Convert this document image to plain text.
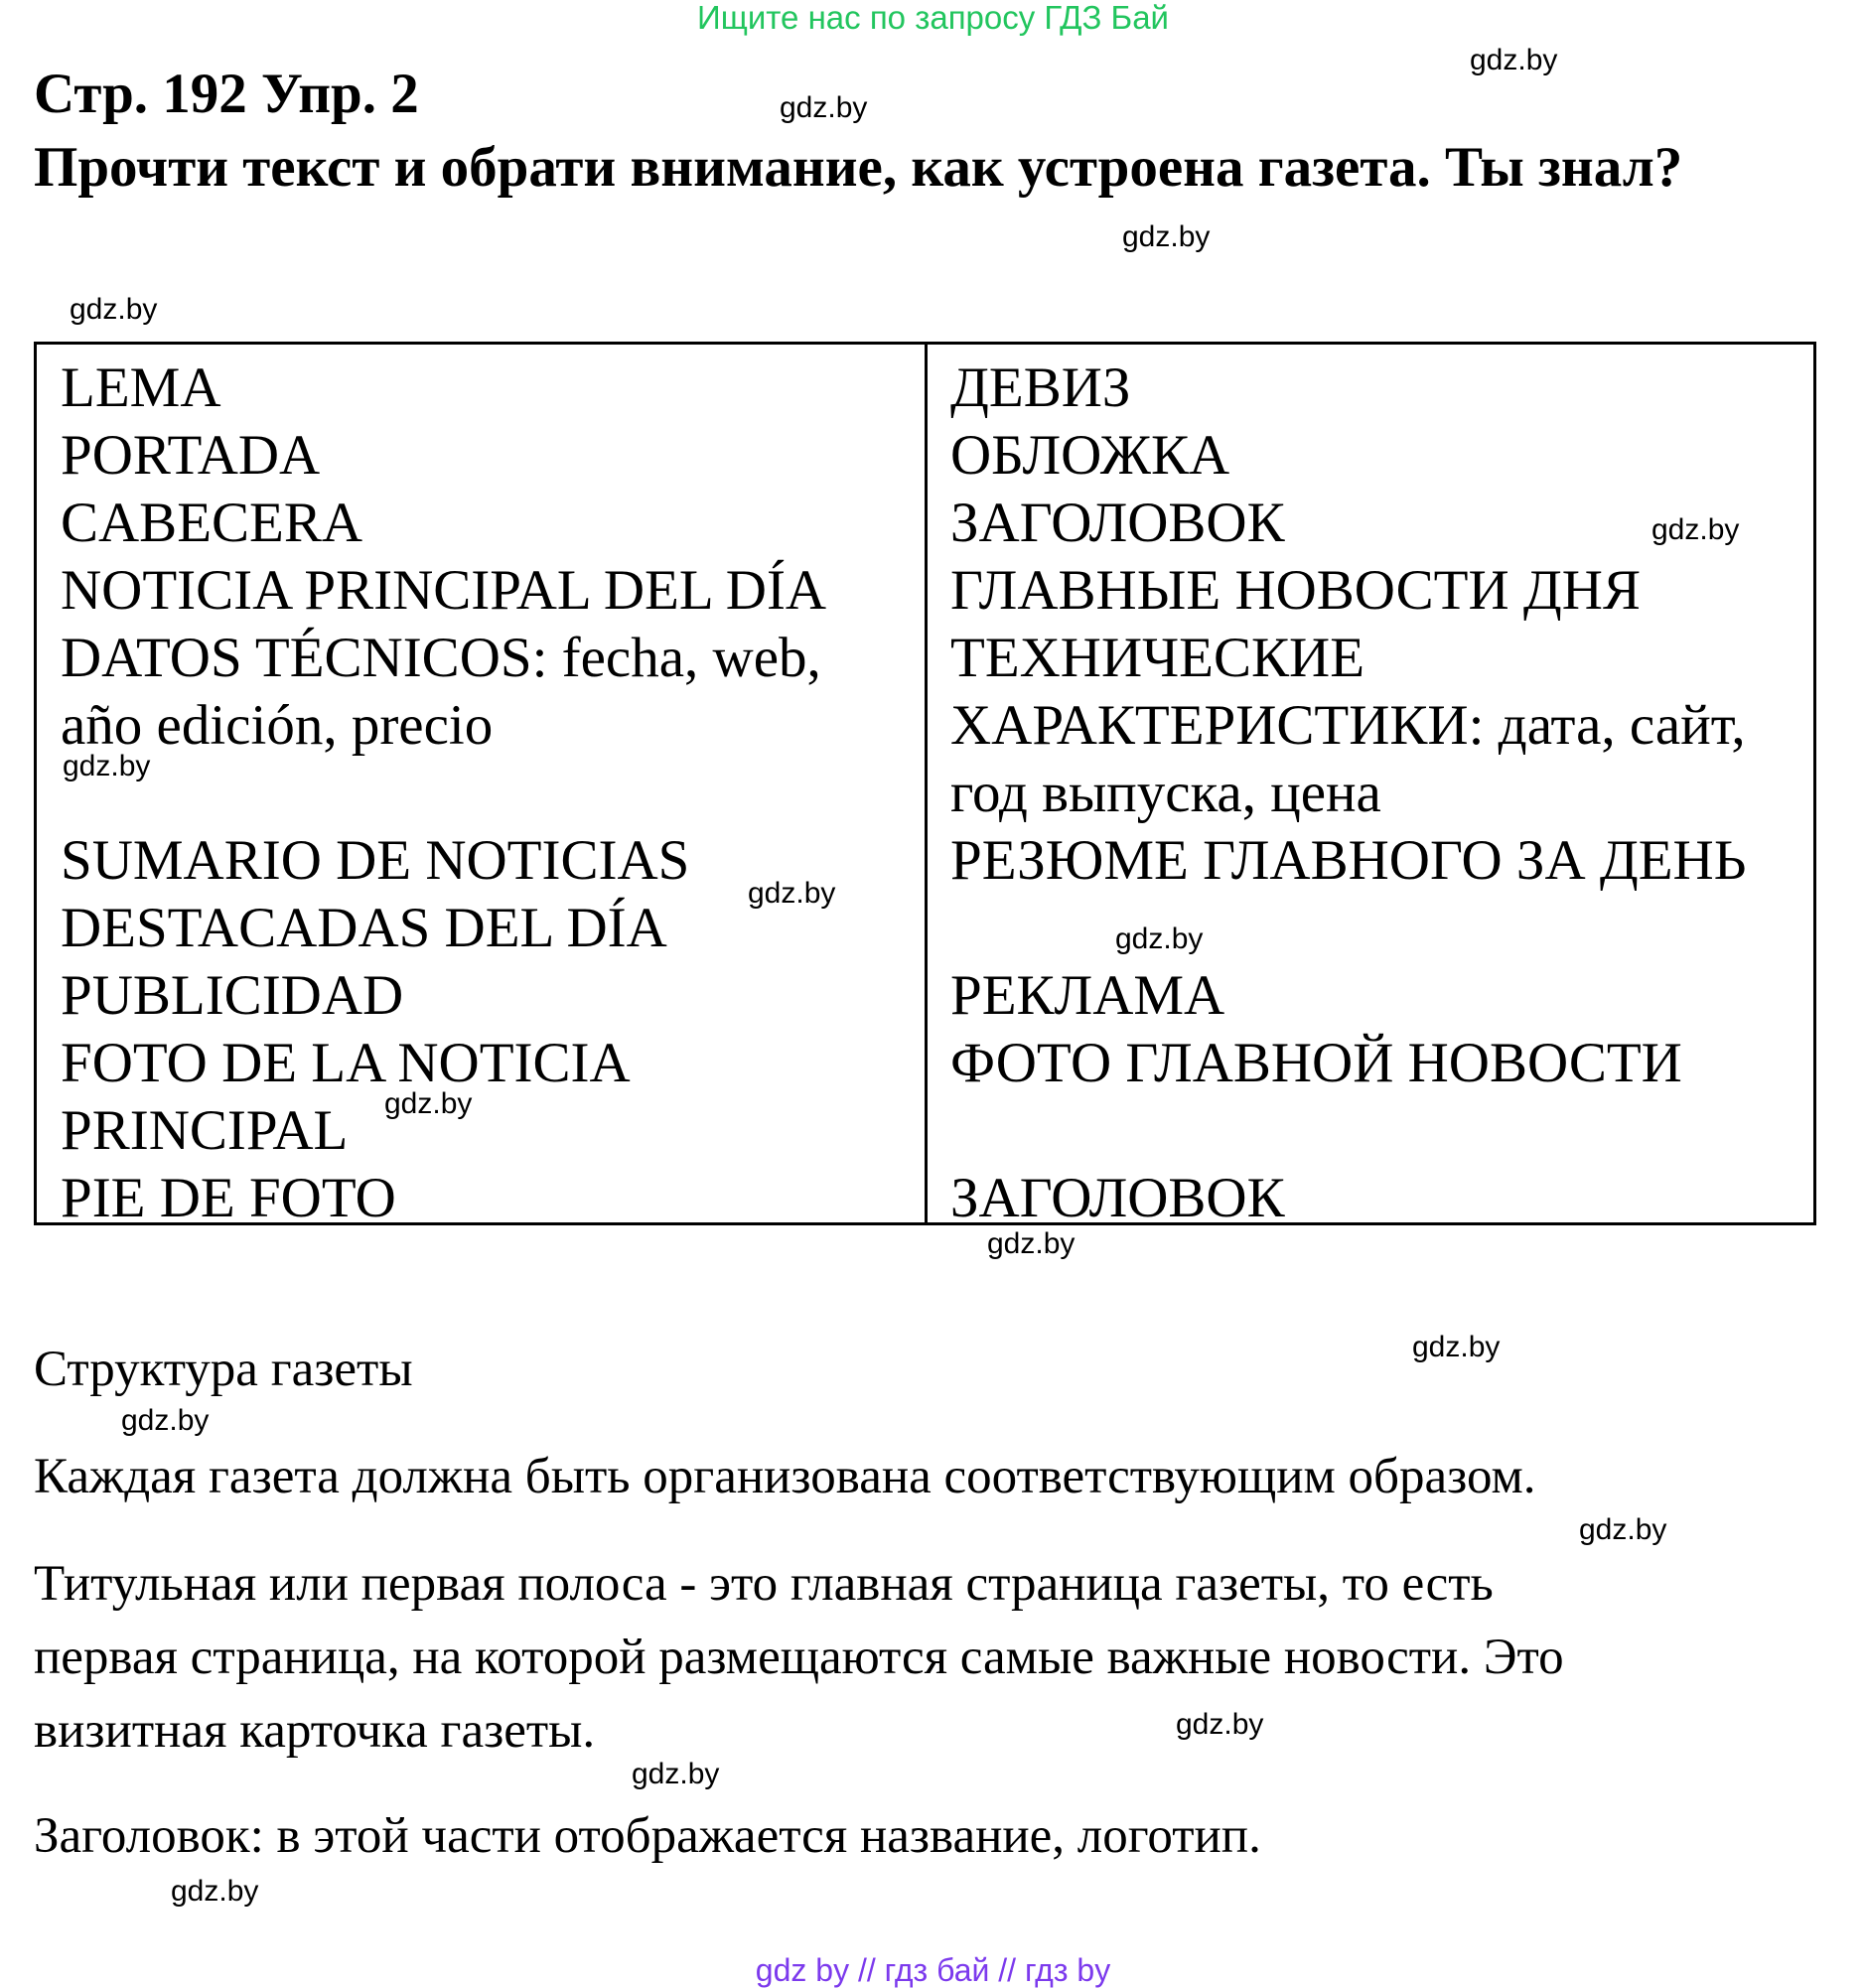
Ищите нас по запросу ГДЗ Бай
Стр. 192 Упр. 2
Прочти текст и обрати внимание, как устроена газета. Ты знал?
gdz.by
gdz.by
gdz.by
gdz.by
LEMA
PORTADA
CABECERA
NOTICIA PRINCIPAL DEL DÍA
DATOS TÉCNICOS: fecha, web,
año edición, precio
SUMARIO DE NOTICIAS
DESTACADAS DEL DÍA
PUBLICIDAD
FOTO DE LA NOTICIA
PRINCIPAL
PIE DE FOTO
ДЕВИЗ
ОБЛОЖКА
ЗАГОЛОВОК
ГЛАВНЫЕ НОВОСТИ ДНЯ
ТЕХНИЧЕСКИЕ
ХАРАКТЕРИСТИКИ: дата, сайт,
год выпуска, цена
РЕЗЮМЕ ГЛАВНОГО ЗА ДЕНЬ
РЕКЛАМА
ФОТО ГЛАВНОЙ НОВОСТИ
ЗАГОЛОВОК
gdz.by
gdz.by
gdz.by
gdz.by
gdz.by
gdz.by
Структура газеты	gdz.by
gdz.by
Каждая газета должна быть организована соответствующим образом.
gdz.by
Титульная или первая полоса - это главная страница газеты, то есть
первая страница, на которой размещаются самые важные новости. Это
визитная карточка газеты.	gdz.by
gdz.by
Заголовок: в этой части отображается название, логотип.
gdz.by
gdz by // гдз бай // гдз by
